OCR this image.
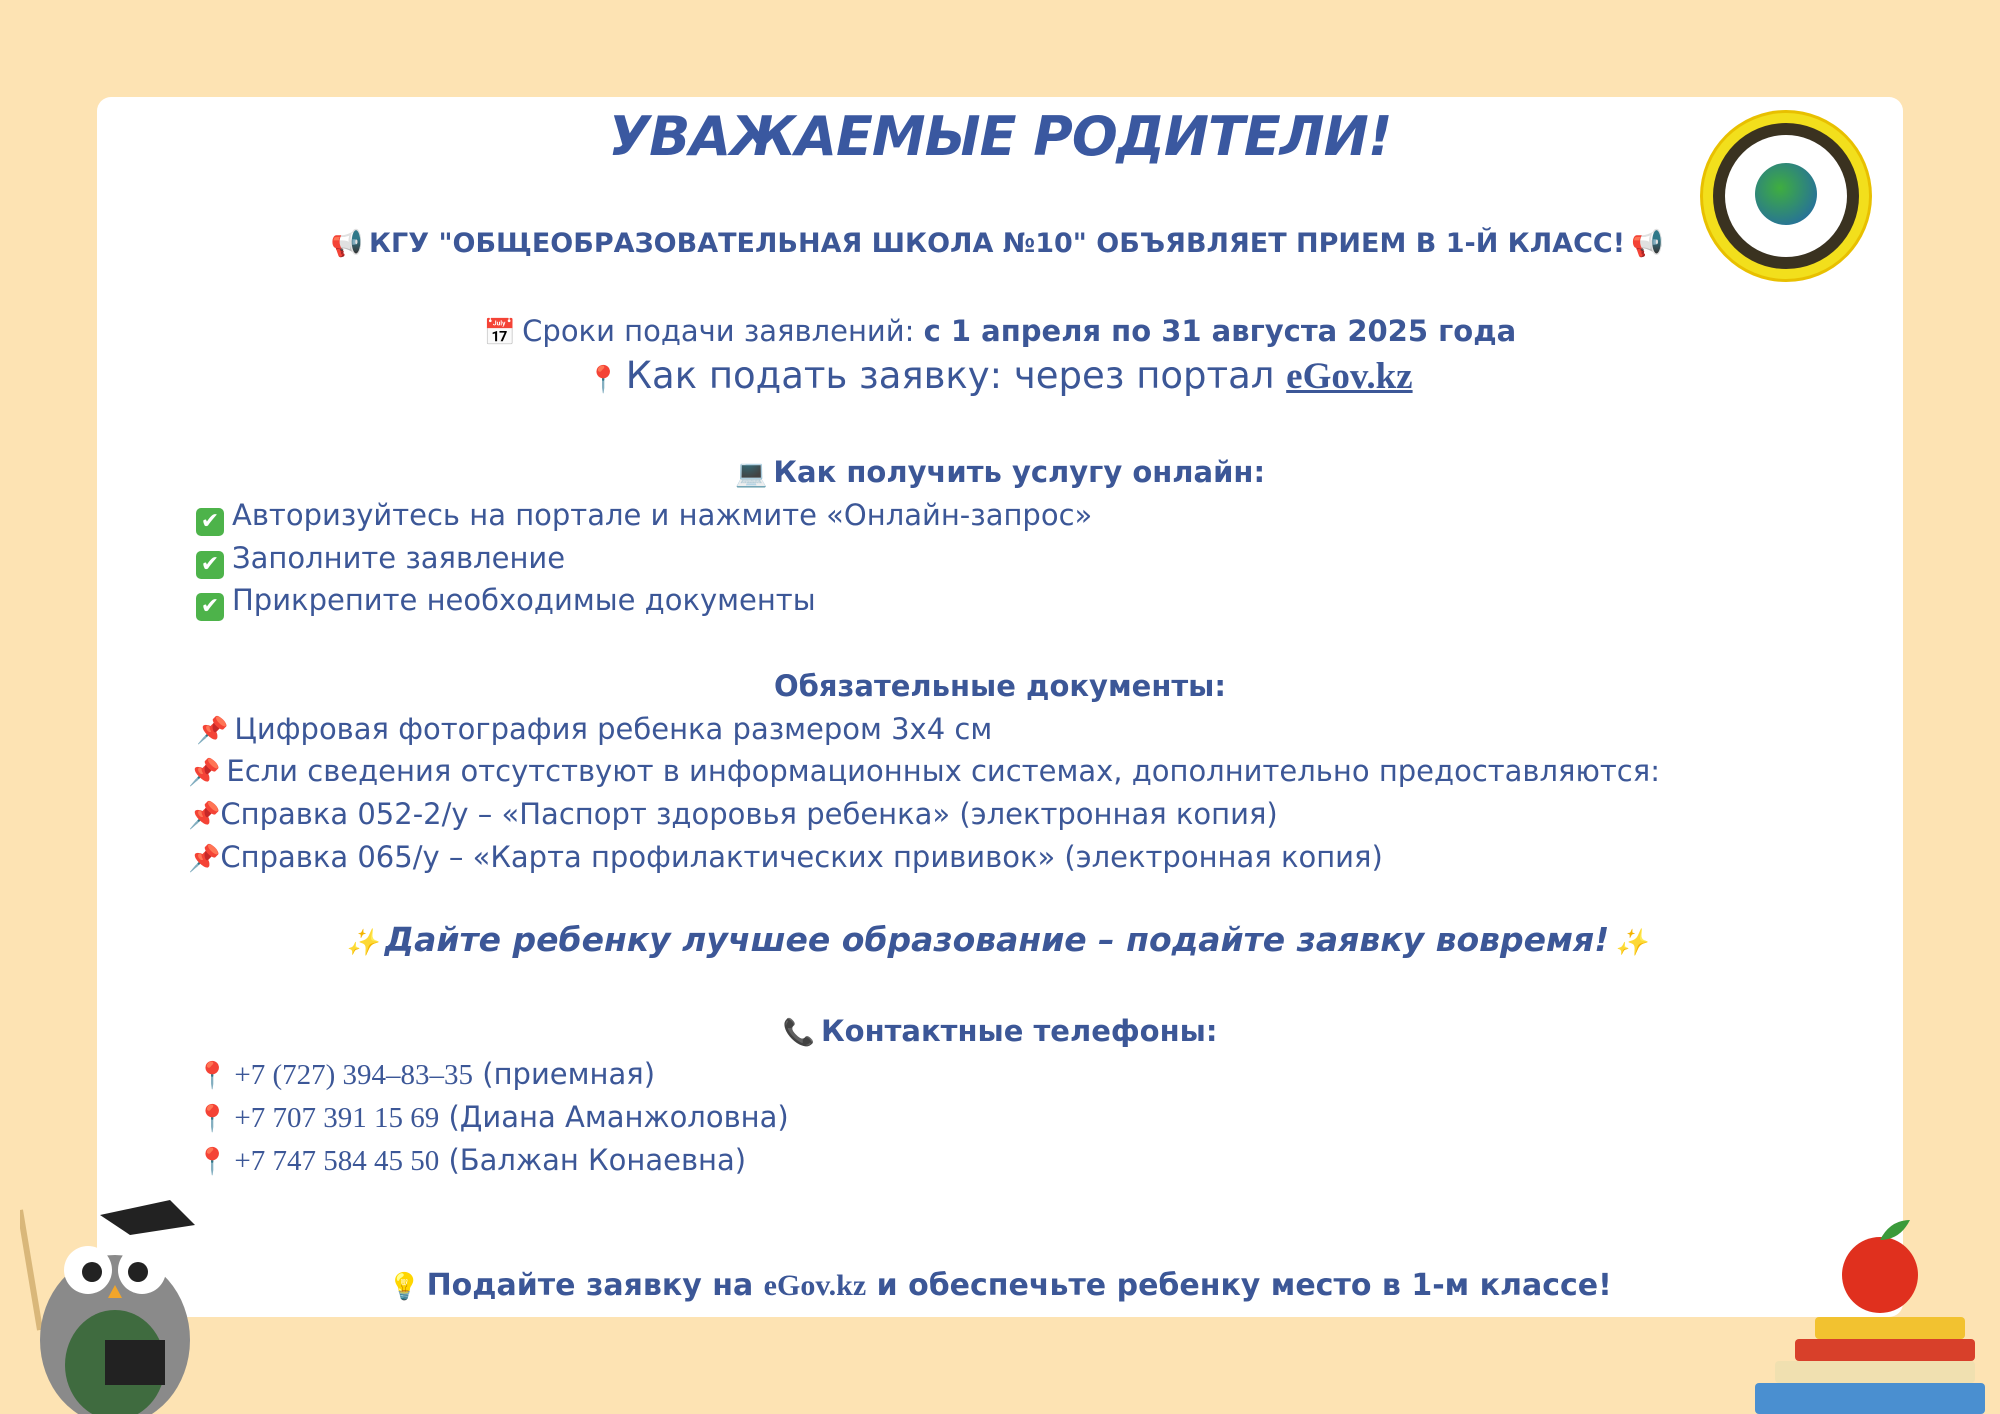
УВАЖАЕМЫЕ РОДИТЕЛИ!
📢 КГУ "ОБЩЕОБРАЗОВАТЕЛЬНАЯ ШКОЛА №10" ОБЪЯВЛЯЕТ ПРИЕМ В 1-Й КЛАСС! 📢
📅 Сроки подачи заявлений: с 1 апреля по 31 августа 2025 года
📍 Как подать заявку: через портал eGov.kz
💻 Как получить услугу онлайн:
✔ Авторизуйтесь на портале и нажмите «Онлайн-запрос»
✔ Заполните заявление
✔ Прикрепите необходимые документы
Обязательные документы:
📌 Цифровая фотография ребенка размером 3х4 см
📌 Если сведения отсутствуют в информационных системах, дополнительно предоставляются:
📌Справка 052-2/у – «Паспорт здоровья ребенка» (электронная копия)
📌Справка 065/у – «Карта профилактических прививок» (электронная копия)
✨ Дайте ребенку лучшее образование – подайте заявку вовремя! ✨
📞 Контактные телефоны:
📍 +7 (727) 394–83–35 (приемная)
📍 +7 707 391 15 69 (Диана Аманжоловна)
📍 +7 747 584 45 50 (Балжан Конаевна)
💡 Подайте заявку на eGov.kz и обеспечьте ребенку место в 1-м классе!
